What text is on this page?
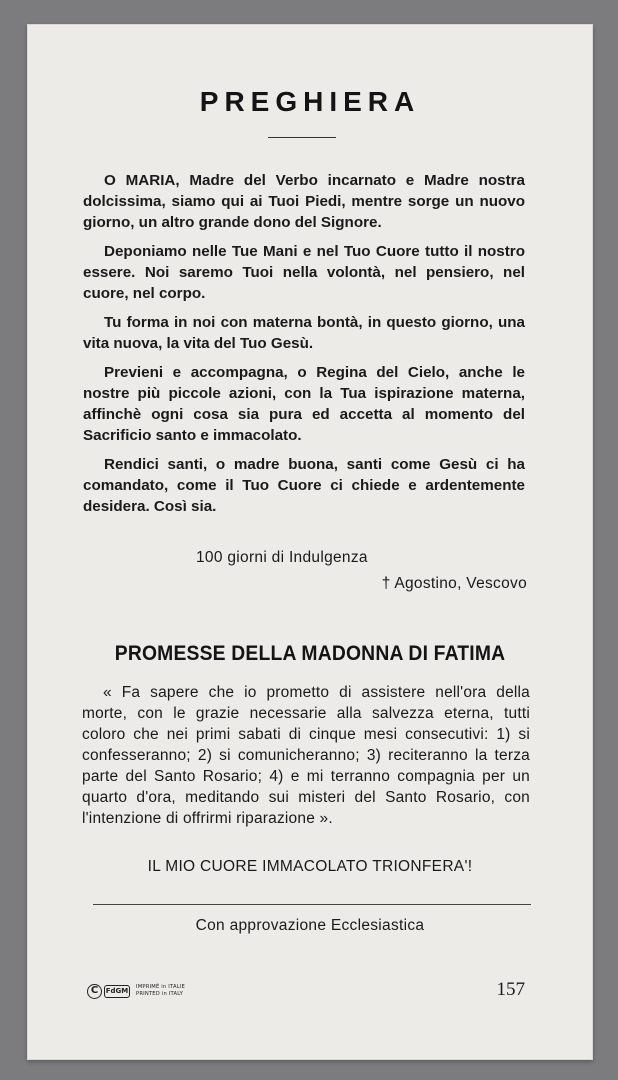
PREGHIERA

O MARIA, Madre del Verbo incarnato e Madre nostra dolcissima, siamo qui ai Tuoi Piedi, mentre sorge un nuovo giorno, un altro grande dono del Signore.

Deponiamo nelle Tue Mani e nel Tuo Cuore tutto il nostro essere. Noi saremo Tuoi nella volontà, nel pensiero, nel cuore, nel corpo.

Tu forma in noi con materna bontà, in questo giorno, una vita nuova, la vita del Tuo Gesù.

Previeni e accompagna, o Regina del Cielo, anche le nostre più piccole azioni, con la Tua ispirazione materna, affinchè ogni cosa sia pura ed accetta al momento del Sacrificio santo e immacolato.

Rendici santi, o madre buona, santi come Gesù ci ha comandato, come il Tuo Cuore ci chiede e ardentemente desidera. Così sia.

100 giorni di Indulgenza
† Agostino, Vescovo
PROMESSE DELLA MADONNA DI FATIMA

« Fa sapere che io prometto di assistere nell'ora della morte, con le grazie necessarie alla salvezza eterna, tutti coloro che nei primi sabati di cinque mesi consecutivi: 1) si confesseranno; 2) si comunicheranno; 3) reciteranno la terza parte del Santo Rosario; 4) e mi terranno compagnia per un quarto d'ora, meditando sui misteri del Santo Rosario, con l'intenzione di offrirmi riparazione ».

IL MIO CUORE IMMACOLATO TRIONFERA'!
Con approvazione Ecclesiastica
C	FdGM	IMPRIMÉ in ITALIE
PRINTED in ITALY	157
